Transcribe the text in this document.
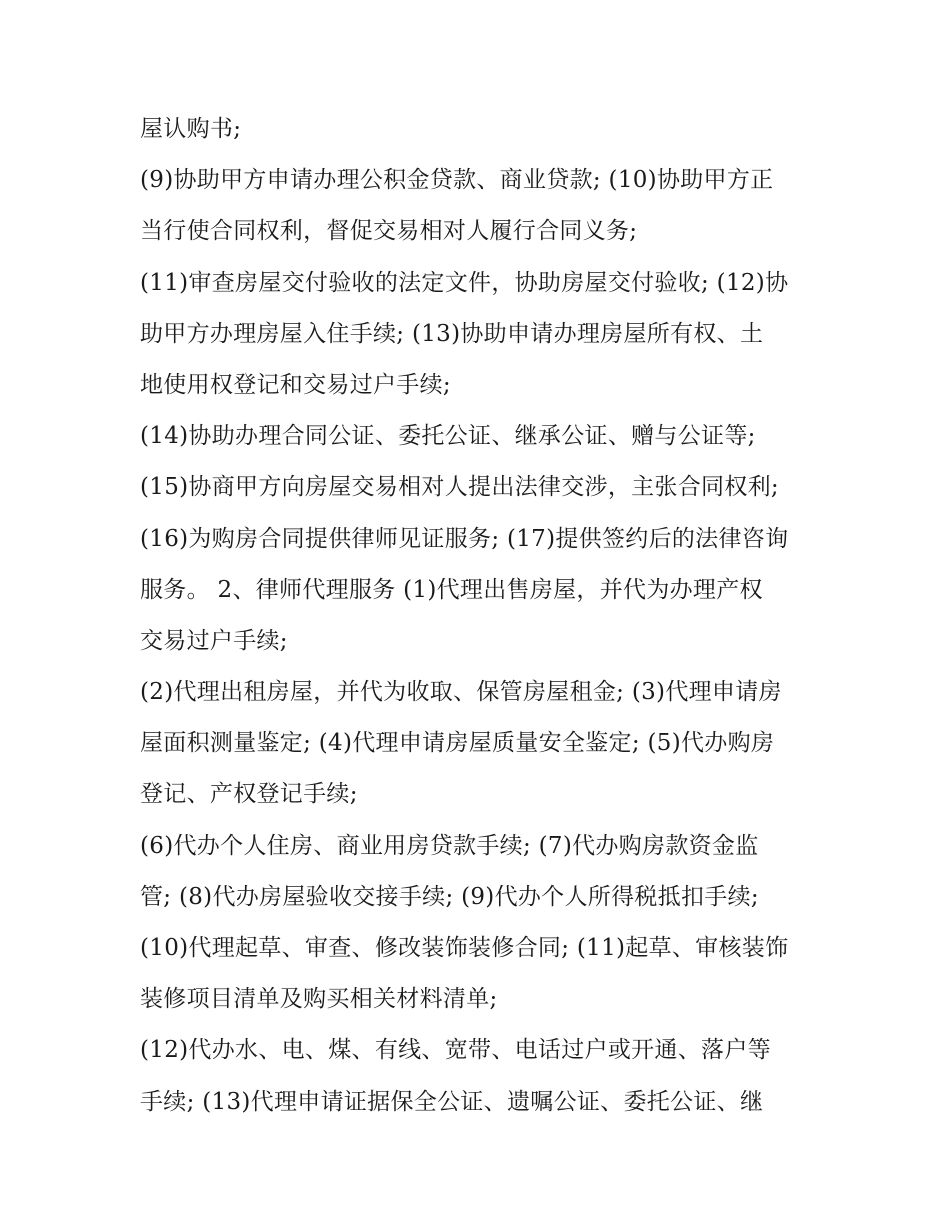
屋认购书;
(9)协助甲方申请办理公积金贷款、商业贷款; (10)协助甲方正
当行使合同权利，督促交易相对人履行合同义务;
(11)审查房屋交付验收的法定文件，协助房屋交付验收; (12)协
助甲方办理房屋入住手续; (13)协助申请办理房屋所有权、土
地使用权登记和交易过户手续;
(14)协助办理合同公证、委托公证、继承公证、赠与公证等;
(15)协商甲方向房屋交易相对人提出法律交涉，主张合同权利;
(16)为购房合同提供律师见证服务; (17)提供签约后的法律咨询
服务。 2、律师代理服务 (1)代理出售房屋，并代为办理产权
交易过户手续;
(2)代理出租房屋，并代为收取、保管房屋租金; (3)代理申请房
屋面积测量鉴定; (4)代理申请房屋质量安全鉴定; (5)代办购房
登记、产权登记手续;
(6)代办个人住房、商业用房贷款手续; (7)代办购房款资金监
管; (8)代办房屋验收交接手续; (9)代办个人所得税抵扣手续;
(10)代理起草、审查、修改装饰装修合同; (11)起草、审核装饰
装修项目清单及购买相关材料清单;
(12)代办水、电、煤、有线、宽带、电话过户或开通、落户等
手续; (13)代理申请证据保全公证、遗嘱公证、委托公证、继
